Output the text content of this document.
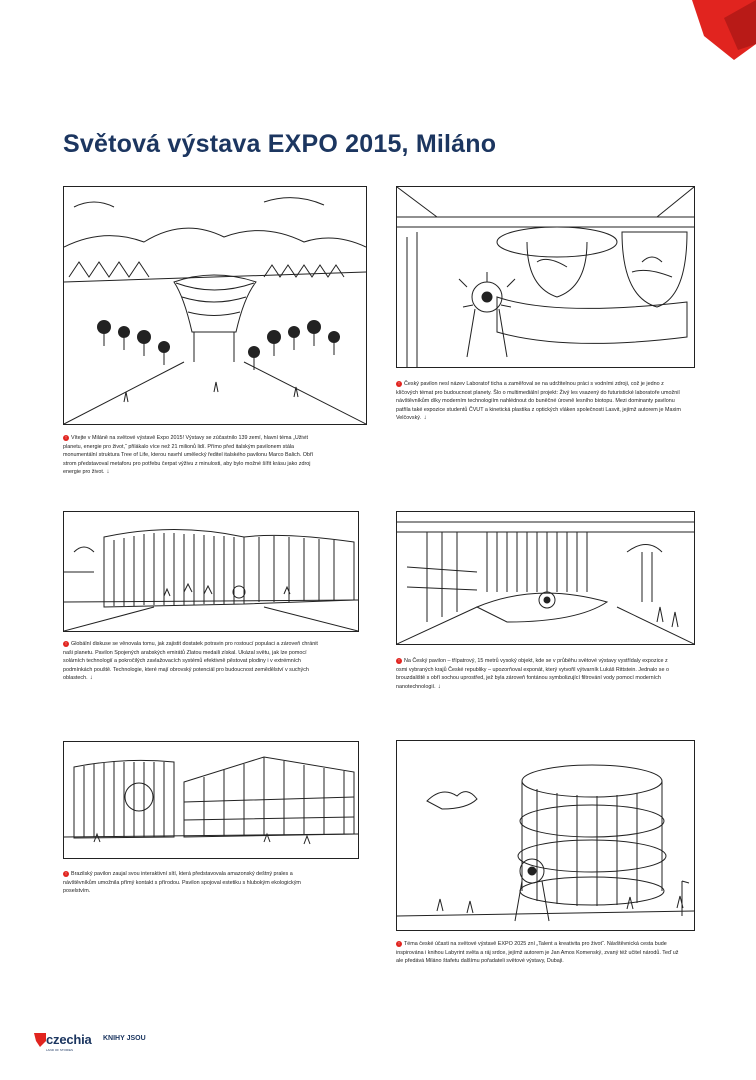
Světová výstava EXPO 2015, Miláno
↑ Vítejte v Miláně na světové výstavě Expo 2015! Výstavy se zúčastnilo 139 zemí, hlavní téma „Uživit planetu, energie pro život,“ přilákalo více než 21 milionů lidí. Přímo před italským pavilonem stála monumentální struktura Tree of Life, kterou navrhl umělecký ředitel italského pavilonu Marco Balich. Obří strom představoval metaforu pro potřebu čerpat výživu z minulosti, aby bylo možné šířit krásu jako zdroj energie pro život. ↓
↑ Český pavilon nesl název Laboratoř ticha a zaměřoval se na udržitelnou práci s vodními zdroji, což je jedno z klíčových témat pro budoucnost planety. Šlo o multimediální projekt: Živý les vsazený do futuristické laboratoře umožnil návštěvníkům díky moderním technologiím nahlédnout do buněčné úrovně lesního biotopu. Mezi dominanty pavilonu patřila také expozice studentů ČVUT a kinetická plastika z optických vláken společnosti Lasvit, jejímž autorem je Maxim Velčovský. ↓
↑ Globální diskuse se věnovala tomu, jak zajistit dostatek potravin pro rostoucí populaci a zároveň chránit naši planetu. Pavilon Spojených arabských emirátů Zlatou medaili získal. Ukázal světu, jak lze pomocí solárních technologií a pokročilých zavlažovacích systémů efektivně pěstovat plodiny i v extrémních podmínkách pouště. Technologie, které mají obrovský potenciál pro budoucnost zemědělství v suchých oblastech. ↓
↑ Na Český pavilon – třípatrový, 15 metrů vysoký objekt, kde se v průběhu světové výstavy vystřídaly expozice z osmi vybraných krajů České republiky – upozorňoval exponát, který vytvořil výtvarník Lukáš Rittstein. Jednalo se o brouzdaliště s obří sochou uprostřed, jež byla zároveň fontánou symbolizující filtrování vody pomocí moderních nanotechnologií. ↓
↑ Brazilský pavilon zaujal svou interaktivní sítí, která představovala amazonský deštný prales a návštěvníkům umožnila přímý kontakt s přírodou. Pavilon spojoval estetiku s hlubokým ekologickým poselstvím.
↑ Téma české účasti na světové výstavě EXPO 2025 zní „Talent a kreativita pro život“. Návštěvnická cesta bude inspirována i knihou Labyrint světa a ráj srdce, jejímž autorem je Jan Amos Komenský, zvaný též učitel národů. Teď už ale předává Miláno štafetu dalšímu pořadateli světové výstavy, Dubaji.
czechia
LAND OF STORIES
KNIHY JSOU
